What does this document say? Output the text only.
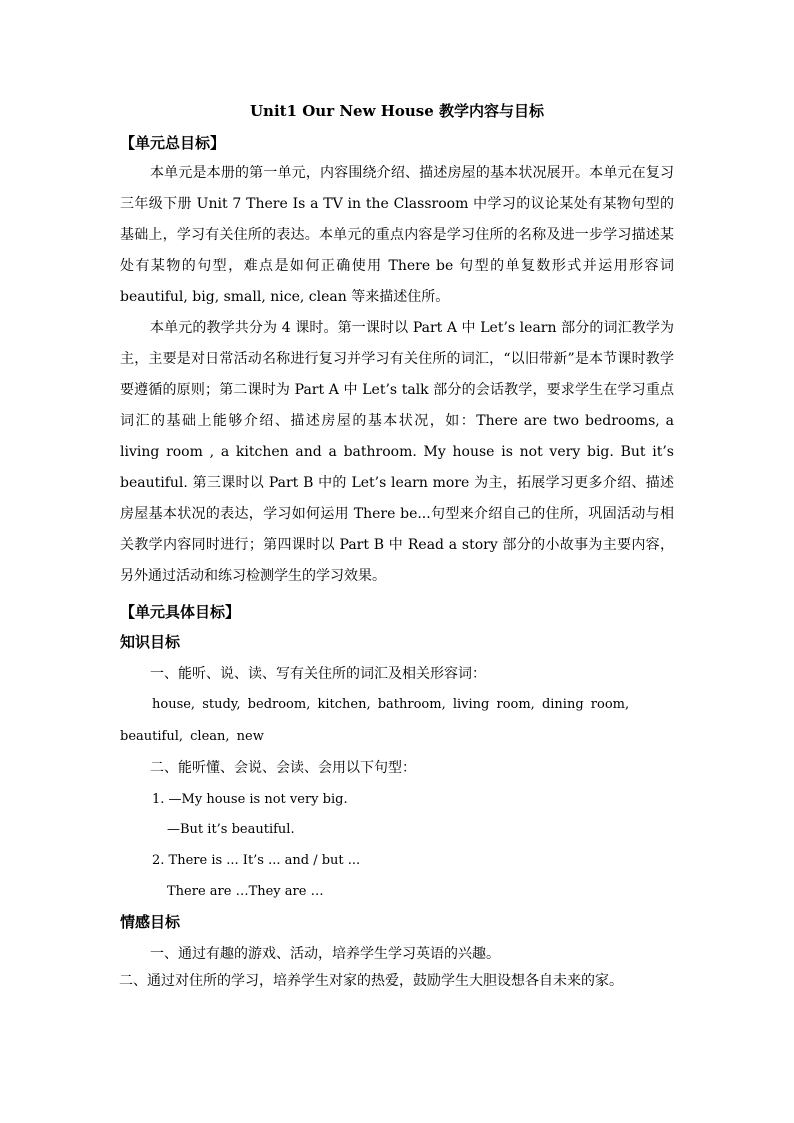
Unit1 Our New House 教学内容与目标
【单元总目标】

本单元是本册的第一单元，内容围绕介绍、描述房屋的基本状况展开。本单元在复习三年级下册 Unit 7 There Is a TV in the Classroom 中学习的议论某处有某物句型的基础上，学习有关住所的表达。本单元的重点内容是学习住所的名称及进一步学习描述某处有某物的句型，难点是如何正确使用 There be 句型的单复数形式并运用形容词 beautiful, big, small, nice, clean 等来描述住所。

本单元的教学共分为 4 课时。第一课时以 Part A 中 Let’s learn 部分的词汇教学为主，主要是对日常活动名称进行复习并学习有关住所的词汇，“以旧带新”是本节课时教学要遵循的原则；第二课时为 Part A 中 Let’s talk 部分的会话教学，要求学生在学习重点词汇的基础上能够介绍、描述房屋的基本状况，如：There are two bedrooms, a living room , a kitchen and a bathroom. My house is not very big. But it’s beautiful. 第三课时以 Part B 中的 Let’s learn more 为主，拓展学习更多介绍、描述房屋基本状况的表达，学习如何运用 There be...句型来介绍自己的住所，巩固活动与相关教学内容同时进行；第四课时以 Part B 中 Read a story 部分的小故事为主要内容，另外通过活动和练习检测学生的学习效果。

【单元具体目标】
知识目标
一、能听、说、读、写有关住所的词汇及相关形容词：

house, study, bedroom, kitchen, bathroom, living room, dining room, beautiful, clean, new

二、能听懂、会说、会读、会用以下句型：
1. —My house is not very big.
—But it’s beautiful.
2. There is ... It’s ... and / but ...
There are …They are …
情感目标
一、通过有趣的游戏、活动，培养学生学习英语的兴趣。
二、通过对住所的学习，培养学生对家的热爱，鼓励学生大胆设想各自未来的家。
